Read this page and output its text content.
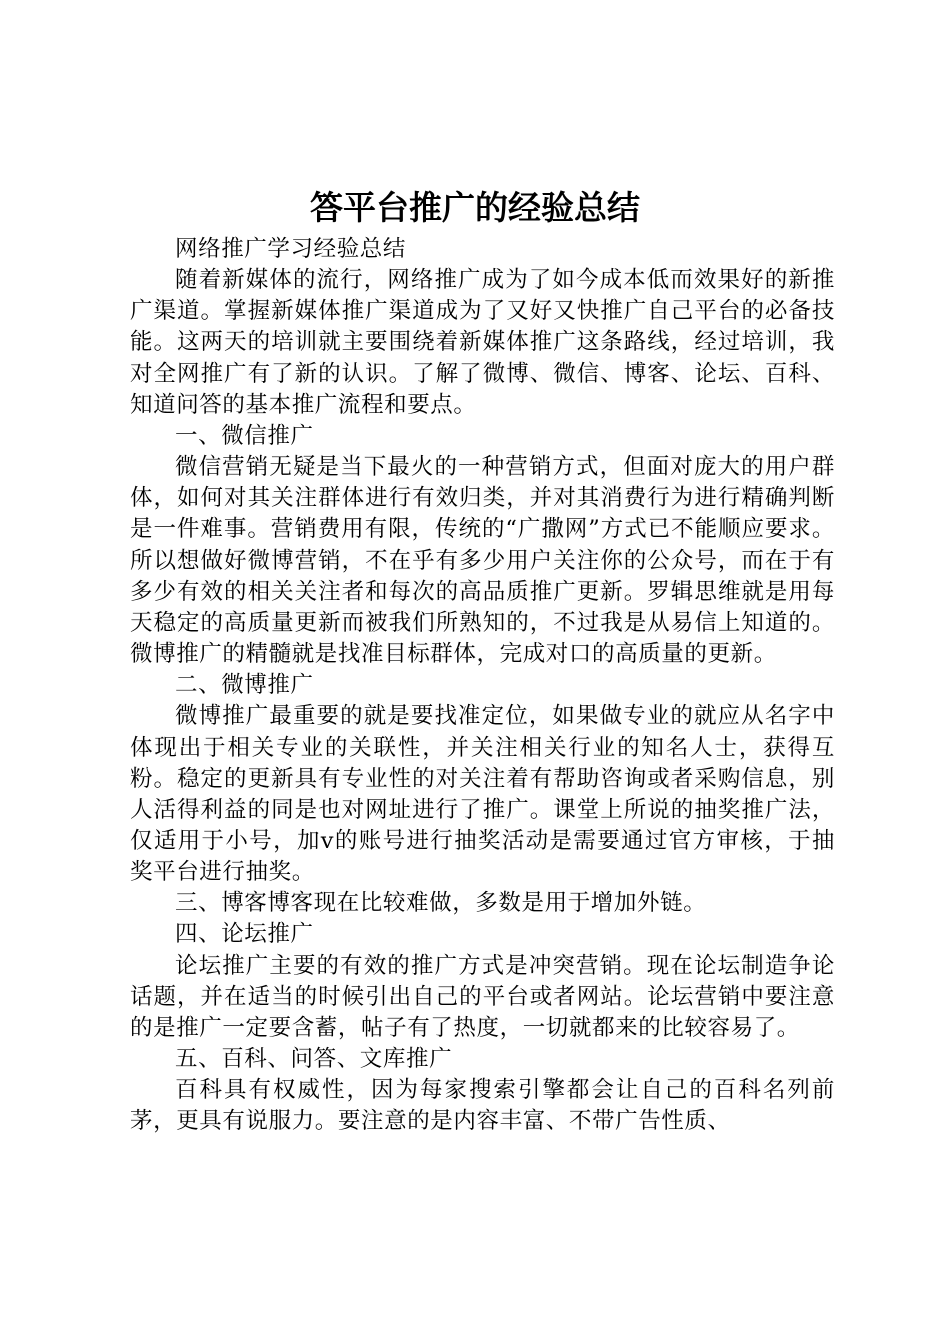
答平台推广的经验总结

网络推广学习经验总结

随着新媒体的流行，网络推广成为了如今成本低而效果好的新推广渠道。掌握新媒体推广渠道成为了又好又快推广自己平台的必备技能。这两天的培训就主要围绕着新媒体推广这条路线，经过培训，我对全网推广有了新的认识。了解了微博、微信、博客、论坛、百科、知道问答的基本推广流程和要点。

一、微信推广

微信营销无疑是当下最火的一种营销方式，但面对庞大的用户群体，如何对其关注群体进行有效归类，并对其消费行为进行精确判断是一件难事。营销费用有限，传统的“广撒网”方式已不能顺应要求。所以想做好微博营销，不在乎有多少用户关注你的公众号，而在于有多少有效的相关关注者和每次的高品质推广更新。罗辑思维就是用每天稳定的高质量更新而被我们所熟知的，不过我是从易信上知道的。微博推广的精髓就是找准目标群体，完成对口的高质量的更新。

二、微博推广

微博推广最重要的就是要找准定位，如果做专业的就应从名字中体现出于相关专业的关联性，并关注相关行业的知名人士，获得互粉。稳定的更新具有专业性的对关注着有帮助咨询或者采购信息，别人活得利益的同是也对网址进行了推广。课堂上所说的抽奖推广法，仅适用于小号，加v的账号进行抽奖活动是需要通过官方审核，于抽奖平台进行抽奖。

三、博客博客现在比较难做，多数是用于增加外链。

四、论坛推广

论坛推广主要的有效的推广方式是冲突营销。现在论坛制造争论话题，并在适当的时候引出自己的平台或者网站。论坛营销中要注意的是推广一定要含蓄，帖子有了热度，一切就都来的比较容易了。

五、百科、问答、文库推广

百科具有权威性，因为每家搜索引擎都会让自己的百科名列前茅，更具有说服力。要注意的是内容丰富、不带广告性质、
